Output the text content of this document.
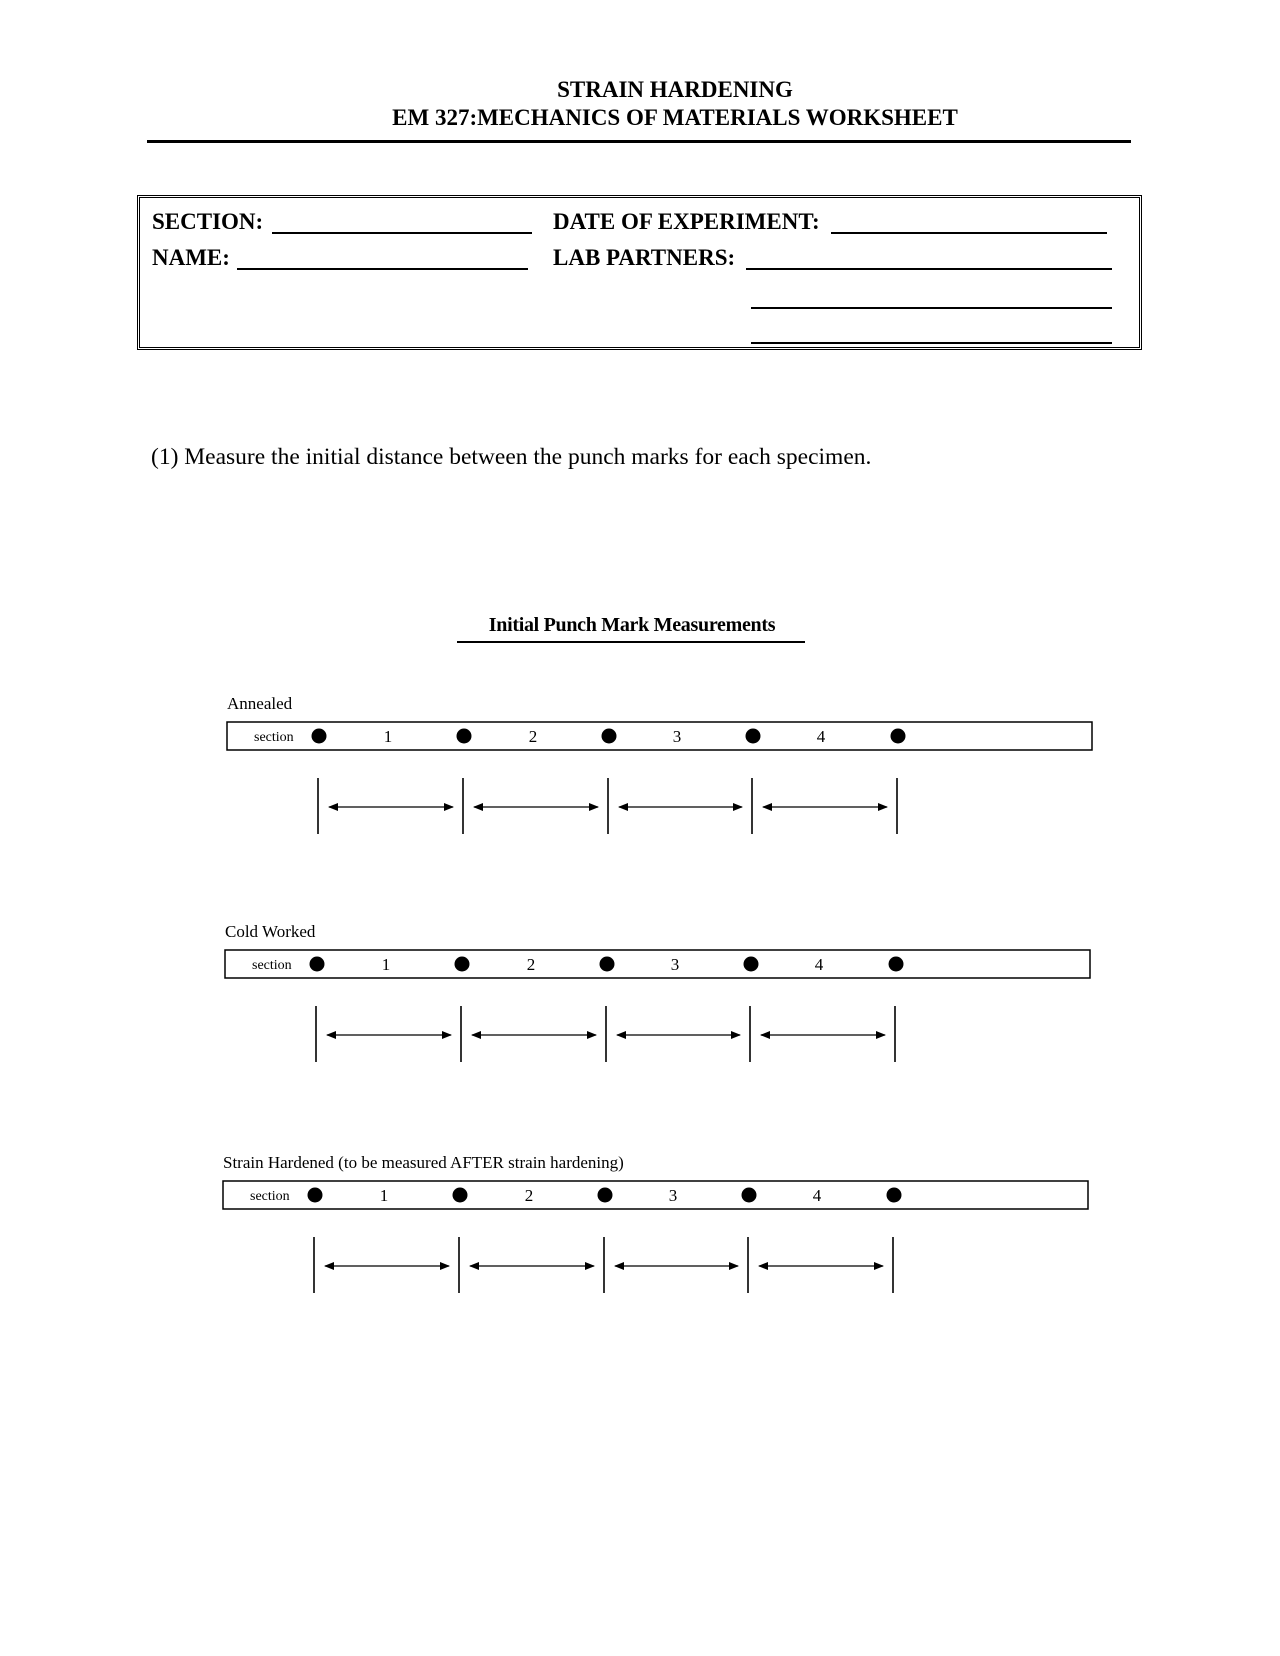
STRAIN HARDENING
EM 327:MECHANICS OF MATERIALS WORKSHEET
SECTION:	DATE OF EXPERIMENT:
NAME:	LAB PARTNERS:
(1) Measure the initial distance between the punch marks for each specimen.
Initial Punch Mark Measurements
Annealed
section	1	2	3	4
Cold Worked
section	1	2	3	4
Strain Hardened (to be measured AFTER strain hardening)
section	1	2	3	4
